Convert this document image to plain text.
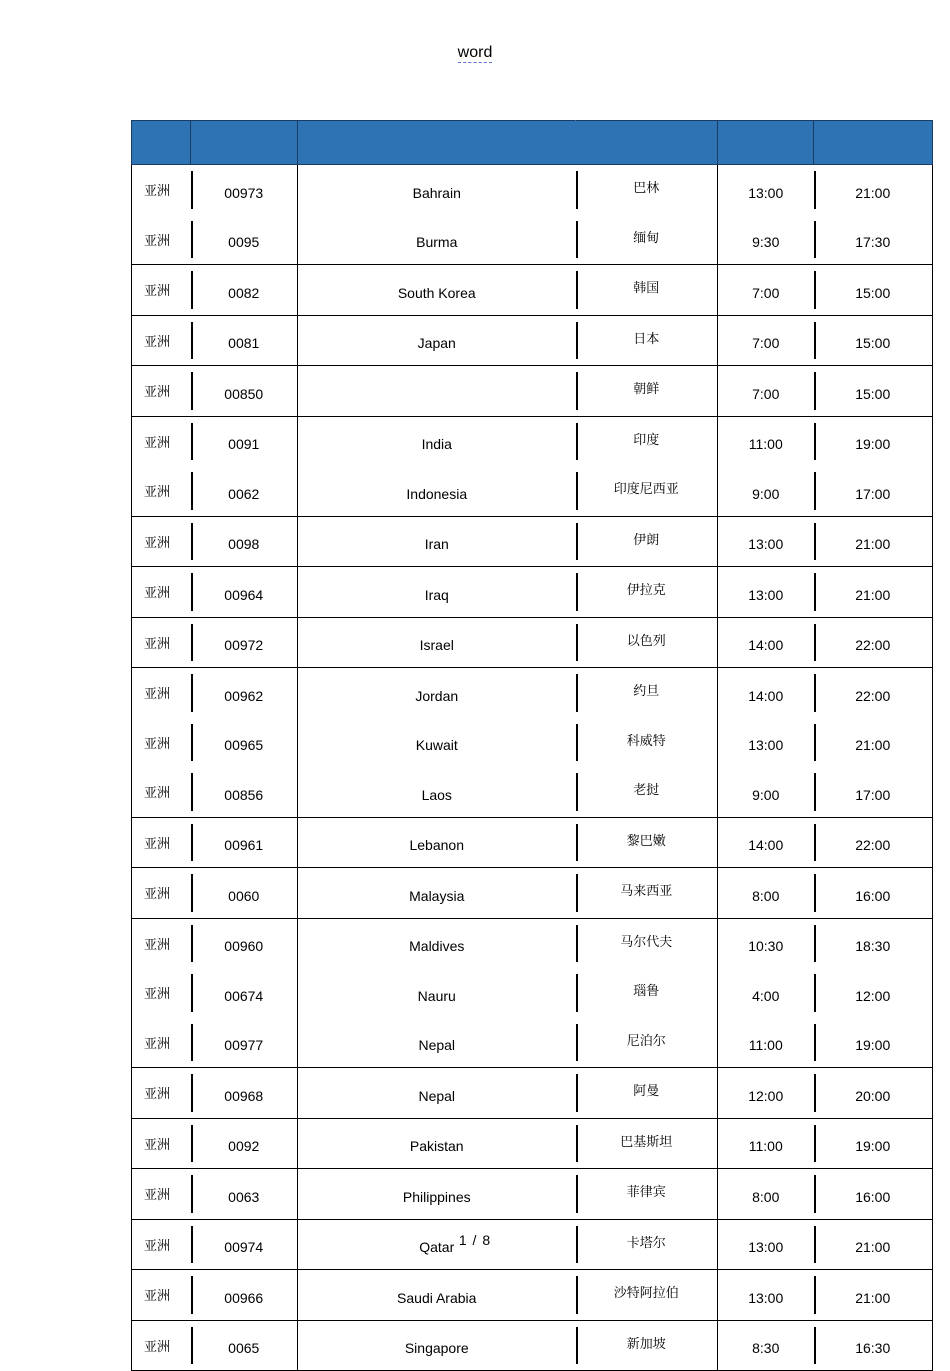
word

亚洲	00973	Bahrain	巴林	13:00	21:00
亚洲	0095	Burma	缅甸	9:30	17:30
亚洲	0082	South Korea	韩国	7:00	15:00
亚洲	0081	Japan	日本	7:00	15:00
亚洲	00850		朝鲜	7:00	15:00
亚洲	0091	India	印度	11:00	19:00
亚洲	0062	Indonesia	印度尼西亚	9:00	17:00
亚洲	0098	Iran	伊朗	13:00	21:00
亚洲	00964	Iraq	伊拉克	13:00	21:00
亚洲	00972	Israel	以色列	14:00	22:00
亚洲	00962	Jordan	约旦	14:00	22:00
亚洲	00965	Kuwait	科威特	13:00	21:00
亚洲	00856	Laos	老挝	9:00	17:00
亚洲	00961	Lebanon	黎巴嫩	14:00	22:00
亚洲	0060	Malaysia	马来西亚	8:00	16:00
亚洲	00960	Maldives	马尔代夫	10:30	18:30
亚洲	00674	Nauru	瑙鲁	4:00	12:00
亚洲	00977	Nepal	尼泊尔	11:00	19:00
亚洲	00968	Nepal	阿曼	12:00	20:00
亚洲	0092	Pakistan	巴基斯坦	11:00	19:00
亚洲	0063	Philippines	菲律宾	8:00	16:00
亚洲	00974	Qatar	卡塔尔	13:00	21:00
亚洲	00966	Saudi Arabia	沙特阿拉伯	13:00	21:00
亚洲	0065	Singapore	新加坡	8:30	16:30
1 / 8
